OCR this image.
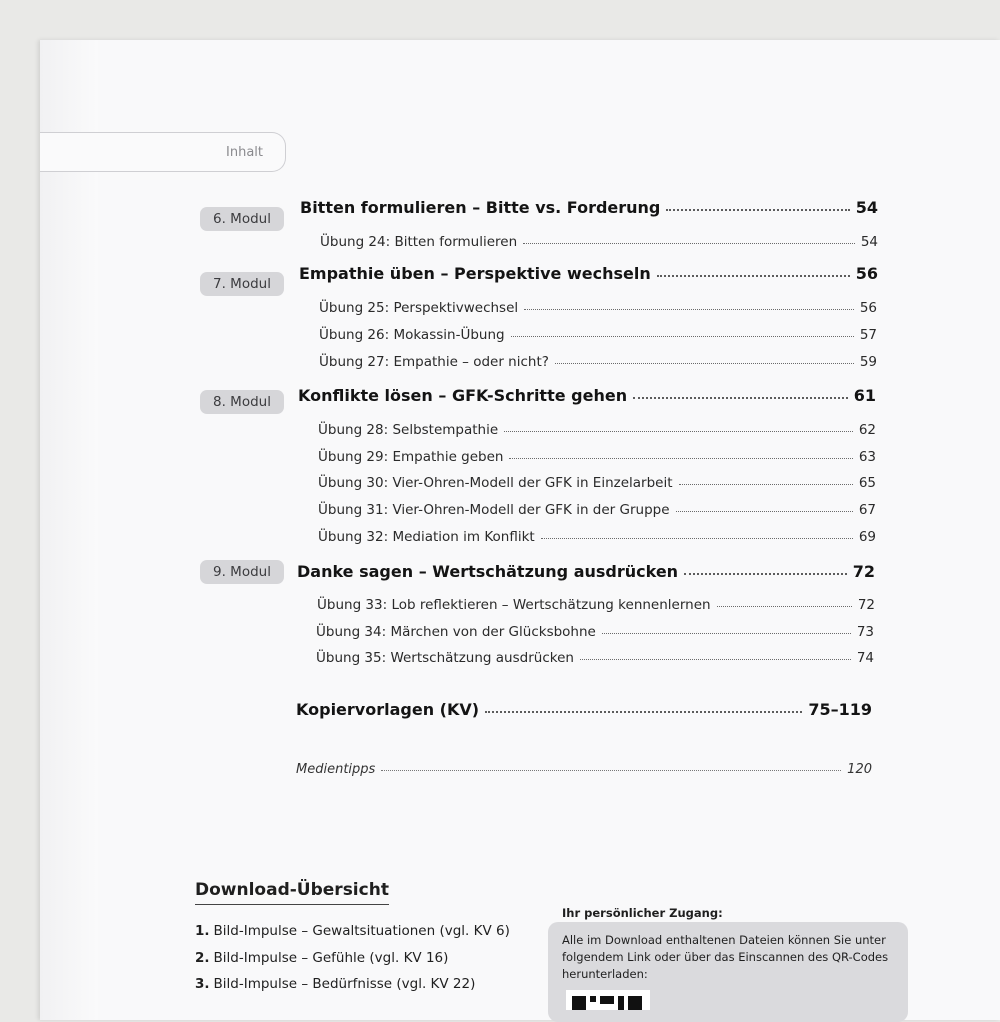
Inhalt
6. Modul
Bitten formulieren – Bitte vs. Forderung	54
Übung 24: Bitten formulieren	54
7. Modul
Empathie üben – Perspektive wechseln	56
Übung 25: Perspektivwechsel	56
Übung 26: Mokassin-Übung	57
Übung 27: Empathie – oder nicht?	59
8. Modul	Konflikte lösen – GFK-Schritte gehen	61
Übung 28: Selbstempathie	62
Übung 29: Empathie geben	63
Übung 30: Vier-Ohren-Modell der GFK in Einzelarbeit	65
Übung 31: Vier-Ohren-Modell der GFK in der Gruppe	67
Übung 32: Mediation im Konflikt	69
9. Modul	Danke sagen – Wertschätzung ausdrücken	72
Übung 33: Lob reflektieren – Wertschätzung kennenlernen	72
Übung 34: Märchen von der Glücksbohne	73
Übung 35: Wertschätzung ausdrücken	74
Kopiervorlagen (KV)	75–119
Medientipps	120
Download-Übersicht
1. Bild-Impulse – Gewaltsituationen (vgl. KV 6)
2. Bild-Impulse – Gefühle (vgl. KV 16)
3. Bild-Impulse – Bedürfnisse (vgl. KV 22)
Ihr persönlicher Zugang:
Alle im Download enthaltenen Dateien können Sie unter folgendem Link oder über das Einscannen des QR-Codes herunterladen:
